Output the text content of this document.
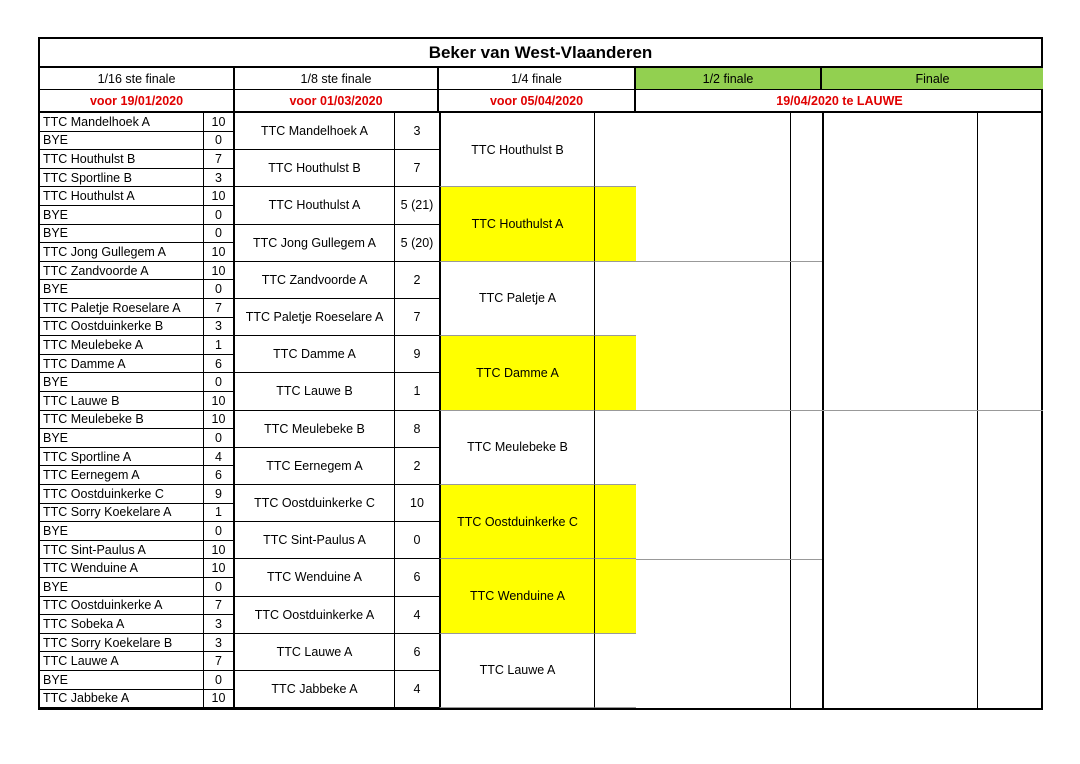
Beker van West-Vlaanderen
1/16 ste finale	1/8 ste finale	1/4 finale	1/2 finale	Finale
voor 19/01/2020	voor 01/03/2020	voor 05/04/2020	19/04/2020 te LAUWE
TTC Mandelhoek A	10
BYE	0
TTC Houthulst B	7
TTC Sportline B	3
TTC Houthulst A	10
BYE	0
BYE	0
TTC Jong Gullegem A	10
TTC Zandvoorde A	10
BYE	0
TTC Paletje Roeselare A	7
TTC Oostduinkerke B	3
TTC Meulebeke A	1
TTC Damme A	6
BYE	0
TTC Lauwe B	10
TTC Meulebeke B	10
BYE	0
TTC Sportline A	4
TTC Eernegem A	6
TTC Oostduinkerke C	9
TTC Sorry Koekelare A	1
BYE	0
TTC Sint-Paulus A	10
TTC Wenduine A	10
BYE	0
TTC Oostduinkerke A	7
TTC Sobeka A	3
TTC Sorry Koekelare B	3
TTC Lauwe A	7
BYE	0
TTC Jabbeke A	10
TTC Mandelhoek A	3
TTC Houthulst B	7
TTC Houthulst A	5 (21)
TTC Jong Gullegem A	5 (20)
TTC Zandvoorde A	2
TTC Paletje Roeselare A	7
TTC Damme A	9
TTC Lauwe B	1
TTC Meulebeke B	8
TTC Eernegem A	2
TTC Oostduinkerke C	10
TTC Sint-Paulus A	0
TTC Wenduine A	6
TTC Oostduinkerke A	4
TTC Lauwe A	6
TTC Jabbeke A	4
TTC Houthulst B
TTC Houthulst A
TTC Paletje A
TTC Damme A
TTC Meulebeke B
TTC Oostduinkerke C
TTC Wenduine A
TTC Lauwe A
